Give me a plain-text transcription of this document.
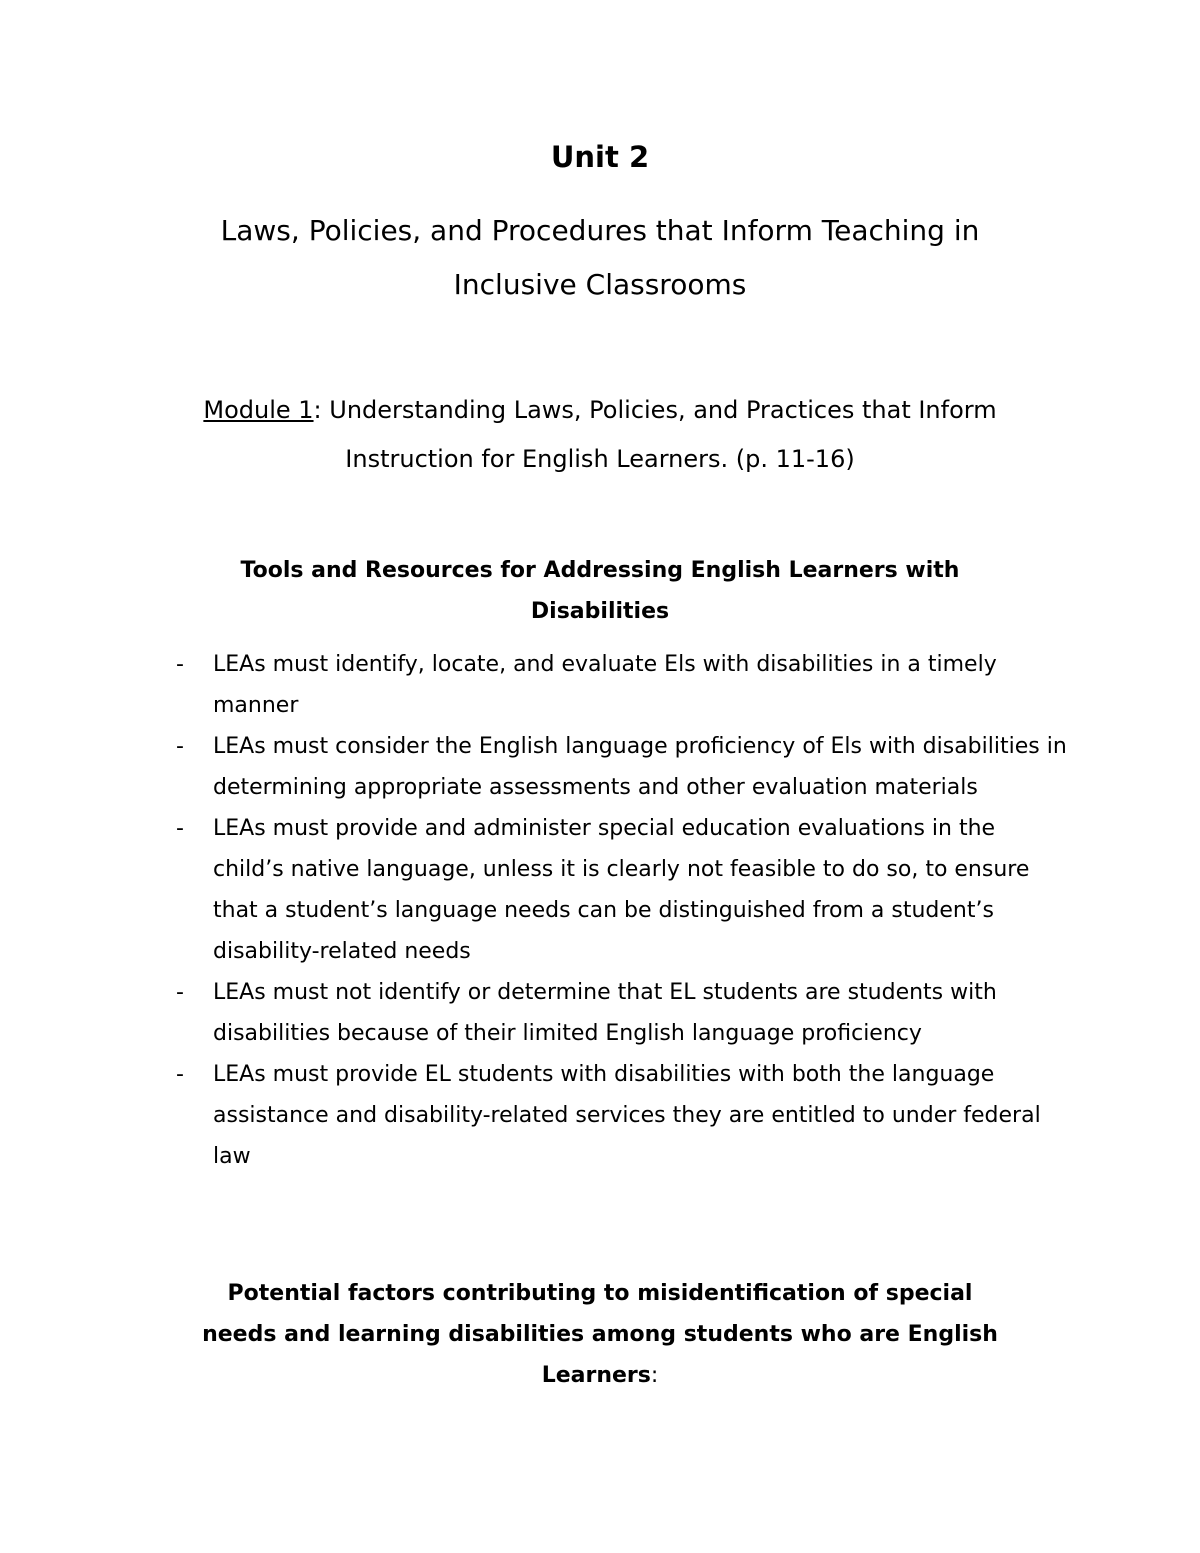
Unit 2
Laws, Policies, and Procedures that Inform Teaching in
Inclusive Classrooms
Module 1: Understanding Laws, Policies, and Practices that Inform
Instruction for English Learners. (p. 11-16)
Tools and Resources for Addressing English Learners with
Disabilities
- LEAs must identify, locate, and evaluate Els with disabilities in a timely manner
- LEAs must consider the English language proficiency of Els with disabilities in determining appropriate assessments and other evaluation materials
- LEAs must provide and administer special education evaluations in the child’s native language, unless it is clearly not feasible to do so, to ensure that a student’s language needs can be distinguished from a student’s disability-related needs
- LEAs must not identify or determine that EL students are students with disabilities because of their limited English language proficiency
- LEAs must provide EL students with disabilities with both the language assistance and disability-related services they are entitled to under federal law
Potential factors contributing to misidentification of special
needs and learning disabilities among students who are English
Learners:
